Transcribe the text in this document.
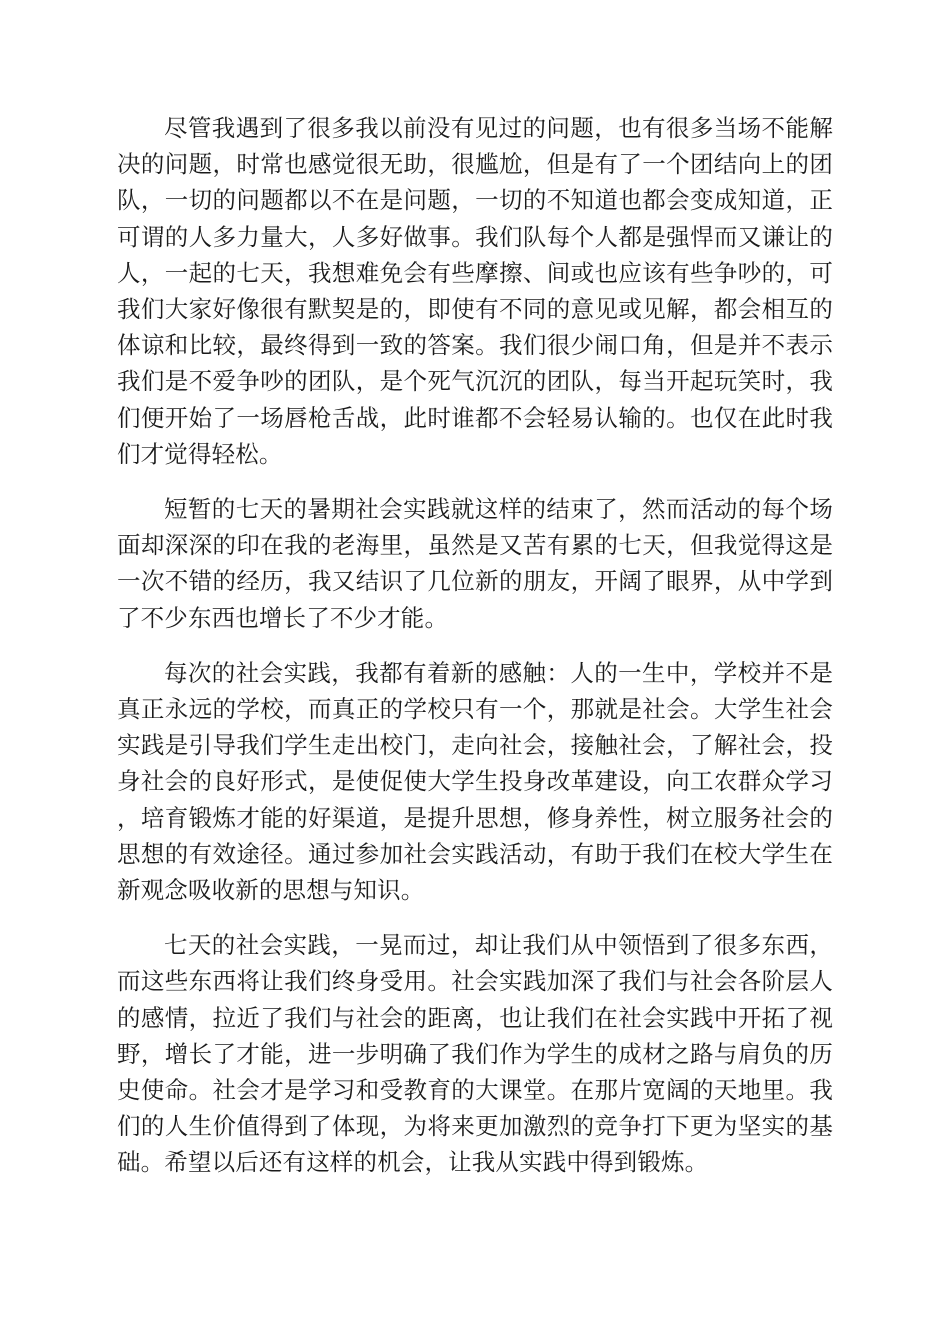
尽管我遇到了很多我以前没有见过的问题，也有很多当场不能解决的问题，时常也感觉很无助，很尴尬，但是有了一个团结向上的团队，一切的问题都以不在是问题，一切的不知道也都会变成知道，正可谓的人多力量大，人多好做事。我们队每个人都是强悍而又谦让的人，一起的七天，我想难免会有些摩擦、间或也应该有些争吵的，可我们大家好像很有默契是的，即使有不同的意见或见解，都会相互的体谅和比较，最终得到一致的答案。我们很少闹口角，但是并不表示我们是不爱争吵的团队，是个死气沉沉的团队，每当开起玩笑时，我们便开始了一场唇枪舌战，此时谁都不会轻易认输的。也仅在此时我们才觉得轻松。

短暂的七天的暑期社会实践就这样的结束了，然而活动的每个场面却深深的印在我的老海里，虽然是又苦有累的七天，但我觉得这是一次不错的经历，我又结识了几位新的朋友，开阔了眼界，从中学到了不少东西也增长了不少才能。

每次的社会实践，我都有着新的感触：人的一生中，学校并不是真正永远的学校，而真正的学校只有一个，那就是社会。大学生社会实践是引导我们学生走出校门，走向社会，接触社会，了解社会，投身社会的良好形式，是使促使大学生投身改革建设，向工农群众学习，培育锻炼才能的好渠道，是提升思想，修身养性，树立服务社会的思想的有效途径。通过参加社会实践活动，有助于我们在校大学生在新观念吸收新的思想与知识。

七天的社会实践，一晃而过，却让我们从中领悟到了很多东西，而这些东西将让我们终身受用。社会实践加深了我们与社会各阶层人的感情，拉近了我们与社会的距离，也让我们在社会实践中开拓了视野，增长了才能，进一步明确了我们作为学生的成材之路与肩负的历史使命。社会才是学习和受教育的大课堂。在那片宽阔的天地里。我们的人生价值得到了体现，为将来更加激烈的竞争打下更为坚实的基础。希望以后还有这样的机会，让我从实践中得到锻炼。
